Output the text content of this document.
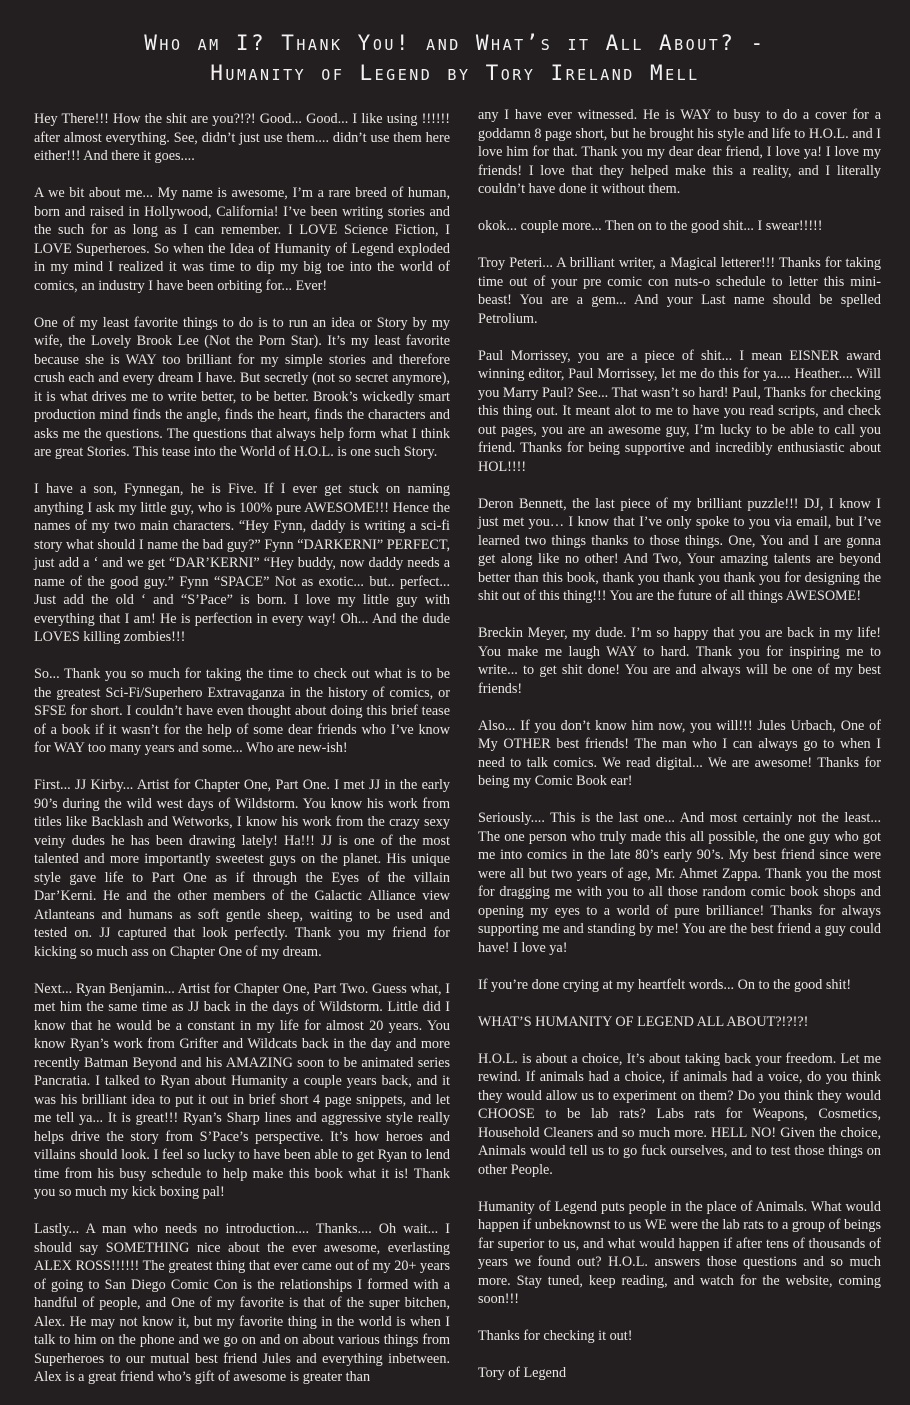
Who am I? Thank You! and What’s it All About? -
Humanity of Legend by Tory Ireland Mell

Hey There!!! How the shit are you?!?! Good... Good... I like using !!!!!! after almost everything. See, didn’t just use them.... didn’t use them here either!!! And there it goes....

A we bit about me... My name is awesome, I’m a rare breed of human, born and raised in Hollywood, California! I’ve been writing stories and the such for as long as I can remember. I LOVE Science Fiction, I LOVE Superheroes. So when the Idea of Humanity of Legend exploded in my mind I realized it was time to dip my big toe into the world of comics, an industry I have been orbiting for... Ever!

One of my least favorite things to do is to run an idea or Story by my wife, the Lovely Brook Lee (Not the Porn Star). It’s my least favorite because she is WAY too brilliant for my simple stories and therefore crush each and every dream I have. But secretly (not so secret anymore), it is what drives me to write better, to be better. Brook’s wickedly smart production mind finds the angle, finds the heart, finds the characters and asks me the questions. The questions that always help form what I think are great Stories. This tease into the World of H.O.L. is one such Story.

I have a son, Fynnegan, he is Five. If I ever get stuck on naming anything I ask my little guy, who is 100% pure AWESOME!!! Hence the names of my two main characters. “Hey Fynn, daddy is writing a sci-fi story what should I name the bad guy?” Fynn “DARKERNI” PERFECT, just add a ‘ and we get “DAR’KERNI” “Hey buddy, now daddy needs a name of the good guy.” Fynn “SPACE” Not as exotic... but.. perfect... Just add the old ‘ and “S’Pace” is born. I love my little guy with everything that I am! He is perfection in every way! Oh... And the dude LOVES killing zombies!!!

So... Thank you so much for taking the time to check out what is to be the greatest Sci-Fi/Superhero Extravaganza in the history of comics, or SFSE for short. I couldn’t have even thought about doing this brief tease of a book if it wasn’t for the help of some dear friends who I’ve know for WAY too many years and some... Who are new-ish!

First... JJ Kirby... Artist for Chapter One, Part One. I met JJ in the early 90’s during the wild west days of Wildstorm. You know his work from titles like Backlash and Wetworks, I know his work from the crazy sexy veiny dudes he has been drawing lately! Ha!!! JJ is one of the most talented and more importantly sweetest guys on the planet. His unique style gave life to Part One as if through the Eyes of the villain Dar’Kerni. He and the other members of the Galactic Alliance view Atlanteans and humans as soft gentle sheep, waiting to be used and tested on. JJ captured that look perfectly. Thank you my friend for kicking so much ass on Chapter One of my dream.

Next... Ryan Benjamin... Artist for Chapter One, Part Two. Guess what, I met him the same time as JJ back in the days of Wildstorm. Little did I know that he would be a constant in my life for almost 20 years. You know Ryan’s work from Grifter and Wildcats back in the day and more recently Batman Beyond and his AMAZING soon to be animated series Pancratia. I talked to Ryan about Humanity a couple years back, and it was his brilliant idea to put it out in brief short 4 page snippets, and let me tell ya... It is great!!! Ryan’s Sharp lines and aggressive style really helps drive the story from S’Pace’s perspective. It’s how heroes and villains should look. I feel so lucky to have been able to get Ryan to lend time from his busy schedule to help make this book what it is! Thank you so much my kick boxing pal!

Lastly... A man who needs no introduction.... Thanks.... Oh wait... I should say SOMETHING nice about the ever awesome, everlasting ALEX ROSS!!!!!! The greatest thing that ever came out of my 20+ years of going to San Diego Comic Con is the relationships I formed with a handful of people, and One of my favorite is that of the super bitchen, Alex. He may not know it, but my favorite thing in the world is when I talk to him on the phone and we go on and on about various things from Superheroes to our mutual best friend Jules and everything inbetween. Alex is a great friend who’s gift of awesome is greater than

any I have ever witnessed. He is WAY to busy to do a cover for a goddamn 8 page short, but he brought his style and life to H.O.L. and I love him for that. Thank you my dear dear friend, I love ya! I love my friends! I love that they helped make this a reality, and I literally couldn’t have done it without them.

okok... couple more... Then on to the good shit... I swear!!!!!

Troy Peteri... A brilliant writer, a Magical letterer!!! Thanks for taking time out of your pre comic con nuts-o schedule to letter this mini-beast! You are a gem... And your Last name should be spelled Petrolium.

Paul Morrissey, you are a piece of shit... I mean EISNER award winning editor, Paul Morrissey, let me do this for ya.... Heather.... Will you Marry Paul? See... That wasn’t so hard! Paul, Thanks for checking this thing out. It meant alot to me to have you read scripts, and check out pages, you are an awesome guy, I’m lucky to be able to call you friend. Thanks for being supportive and incredibly enthusiastic about HOL!!!!

Deron Bennett, the last piece of my brilliant puzzle!!! DJ, I know I just met you… I know that I’ve only spoke to you via email, but I’ve learned two things thanks to those things. One, You and I are gonna get along like no other! And Two, Your amazing talents are beyond better than this book, thank you thank you thank you for designing the shit out of this thing!!! You are the future of all things AWESOME!

Breckin Meyer, my dude. I’m so happy that you are back in my life! You make me laugh WAY to hard. Thank you for inspiring me to write... to get shit done! You are and always will be one of my best friends!

Also... If you don’t know him now, you will!!! Jules Urbach, One of My OTHER best friends! The man who I can always go to when I need to talk comics. We read digital... We are awesome! Thanks for being my Comic Book ear!

Seriously.... This is the last one... And most certainly not the least... The one person who truly made this all possible, the one guy who got me into comics in the late 80’s early 90’s. My best friend since were were all but two years of age, Mr. Ahmet Zappa. Thank you the most for dragging me with you to all those random comic book shops and opening my eyes to a world of pure brilliance! Thanks for always supporting me and standing by me! You are the best friend a guy could have! I love ya!

If you’re done crying at my heartfelt words... On to the good shit!

WHAT’S HUMANITY OF LEGEND ALL ABOUT?!?!?!

H.O.L. is about a choice, It’s about taking back your freedom. Let me rewind. If animals had a choice, if animals had a voice, do you think they would allow us to experiment on them? Do you think they would CHOOSE to be lab rats? Labs rats for Weapons, Cosmetics, Household Cleaners and so much more. HELL NO! Given the choice, Animals would tell us to go fuck ourselves, and to test those things on other People.

Humanity of Legend puts people in the place of Animals. What would happen if unbeknownst to us WE were the lab rats to a group of beings far superior to us, and what would happen if after tens of thousands of years we found out? H.O.L. answers those questions and so much more. Stay tuned, keep reading, and watch for the website, coming soon!!!

Thanks for checking it out!

Tory of Legend
